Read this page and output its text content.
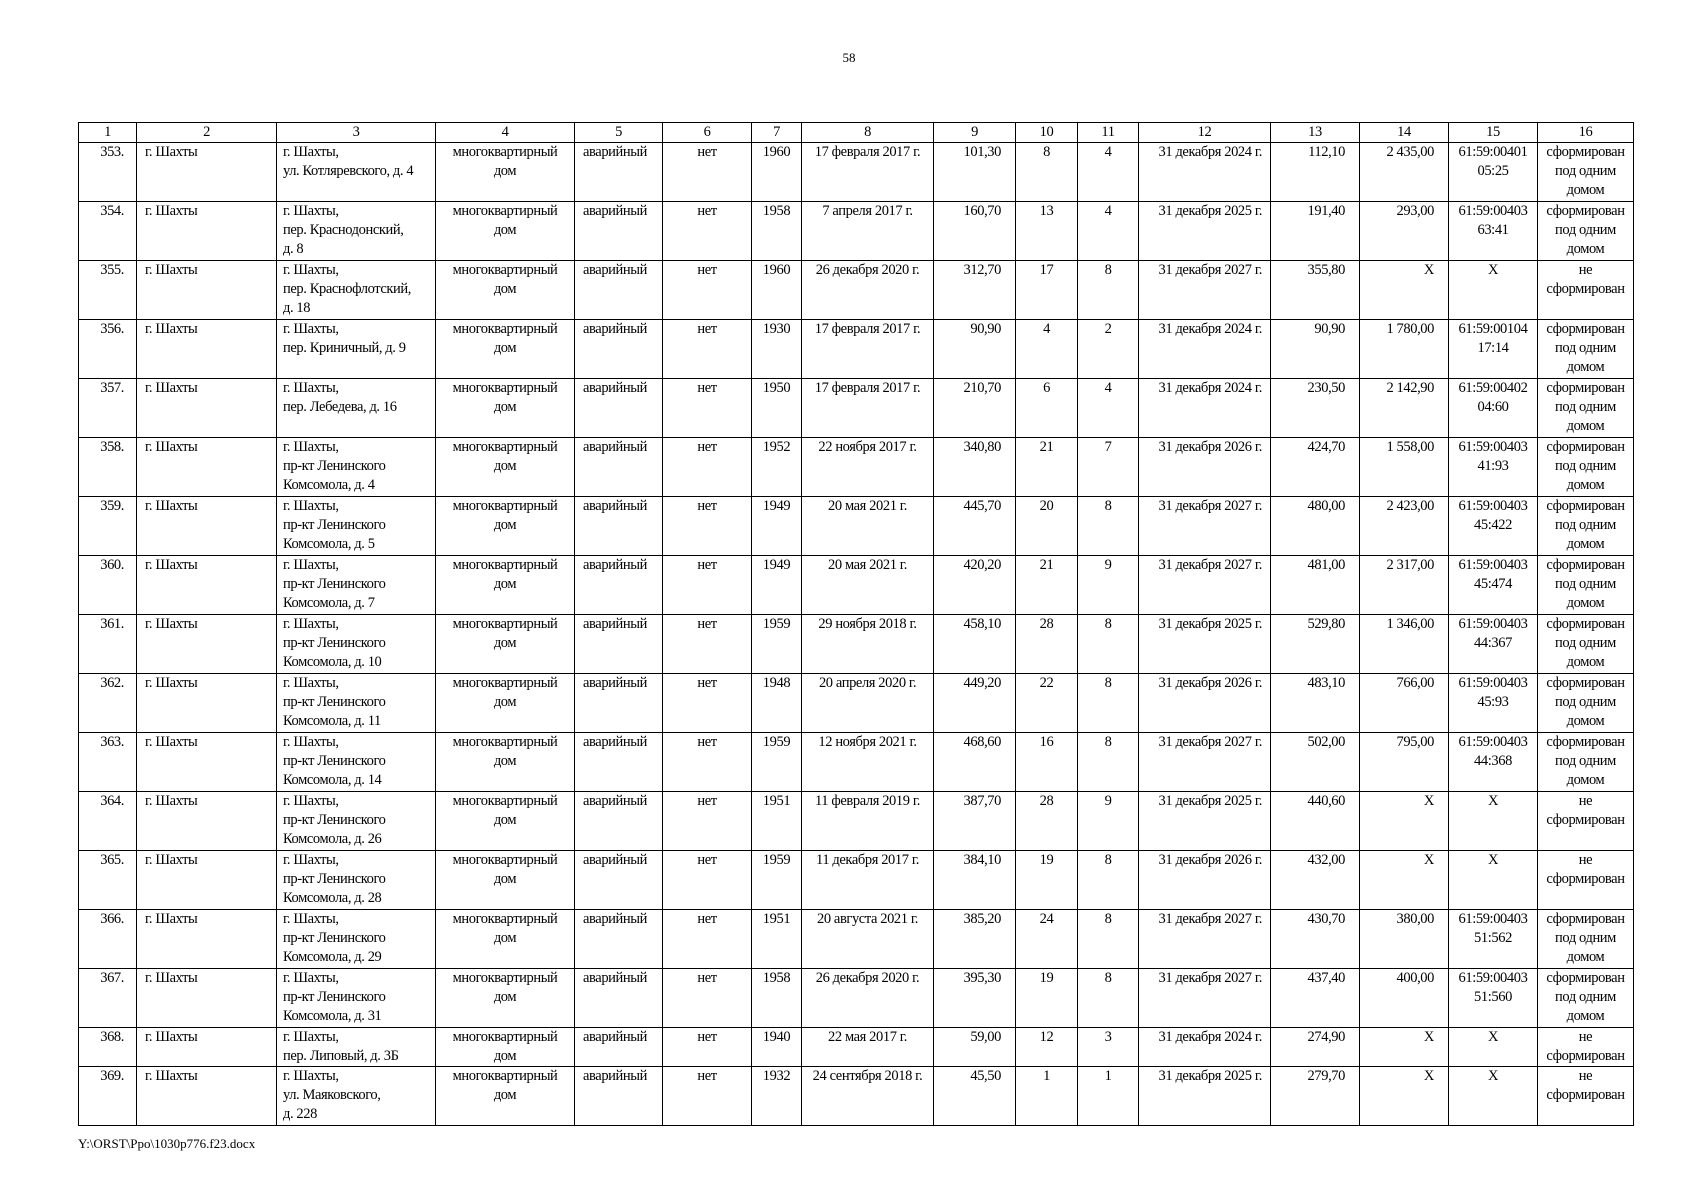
58
1	2	3	4	5	6	7	8	9	10	11	12	13	14	15	16
353.	г. Шахты	г. Шахты,
ул. Котляревского, д. 4	многоквартирный
дом	аварийный	нет	1960	17 февраля 2017 г.	101,30	8	4	31 декабря 2024 г.	112,10	2 435,00	61:59:00401
05:25	сформирован
под одним
домом

354.	г. Шахты	г. Шахты,
пер. Краснодонский,
д. 8	многоквартирный
дом	аварийный	нет	1958	7 апреля 2017 г.	160,70	13	4	31 декабря 2025 г.	191,40	293,00	61:59:00403
63:41	сформирован
под одним
домом

355.	г. Шахты	г. Шахты,
пер. Краснофлотский,
д. 18	многоквартирный
дом	аварийный	нет	1960	26 декабря 2020 г.	312,70	17	8	31 декабря 2027 г.	355,80	X	X	не
сформирован

356.	г. Шахты	г. Шахты,
пер. Криничный, д. 9	многоквартирный
дом	аварийный	нет	1930	17 февраля 2017 г.	90,90	4	2	31 декабря 2024 г.	90,90	1 780,00	61:59:00104
17:14	сформирован
под одним
домом

357.	г. Шахты	г. Шахты,
пер. Лебедева, д. 16	многоквартирный
дом	аварийный	нет	1950	17 февраля 2017 г.	210,70	6	4	31 декабря 2024 г.	230,50	2 142,90	61:59:00402
04:60	сформирован
под одним
домом

358.	г. Шахты	г. Шахты,
пр-кт Ленинского
Комсомола, д. 4	многоквартирный
дом	аварийный	нет	1952	22 ноября 2017 г.	340,80	21	7	31 декабря 2026 г.	424,70	1 558,00	61:59:00403
41:93	сформирован
под одним
домом

359.	г. Шахты	г. Шахты,
пр-кт Ленинского
Комсомола, д. 5	многоквартирный
дом	аварийный	нет	1949	20 мая 2021 г.	445,70	20	8	31 декабря 2027 г.	480,00	2 423,00	61:59:00403
45:422	сформирован
под одним
домом

360.	г. Шахты	г. Шахты,
пр-кт Ленинского
Комсомола, д. 7	многоквартирный
дом	аварийный	нет	1949	20 мая 2021 г.	420,20	21	9	31 декабря 2027 г.	481,00	2 317,00	61:59:00403
45:474	сформирован
под одним
домом

361.	г. Шахты	г. Шахты,
пр-кт Ленинского
Комсомола, д. 10	многоквартирный
дом	аварийный	нет	1959	29 ноября 2018 г.	458,10	28	8	31 декабря 2025 г.	529,80	1 346,00	61:59:00403
44:367	сформирован
под одним
домом

362.	г. Шахты	г. Шахты,
пр-кт Ленинского
Комсомола, д. 11	многоквартирный
дом	аварийный	нет	1948	20 апреля 2020 г.	449,20	22	8	31 декабря 2026 г.	483,10	766,00	61:59:00403
45:93	сформирован
под одним
домом

363.	г. Шахты	г. Шахты,
пр-кт Ленинского
Комсомола, д. 14	многоквартирный
дом	аварийный	нет	1959	12 ноября 2021 г.	468,60	16	8	31 декабря 2027 г.	502,00	795,00	61:59:00403
44:368	сформирован
под одним
домом

364.	г. Шахты	г. Шахты,
пр-кт Ленинского
Комсомола, д. 26	многоквартирный
дом	аварийный	нет	1951	11 февраля 2019 г.	387,70	28	9	31 декабря 2025 г.	440,60	X	X	не
сформирован

365.	г. Шахты	г. Шахты,
пр-кт Ленинского
Комсомола, д. 28	многоквартирный
дом	аварийный	нет	1959	11 декабря 2017 г.	384,10	19	8	31 декабря 2026 г.	432,00	X	X	не
сформирован

366.	г. Шахты	г. Шахты,
пр-кт Ленинского
Комсомола, д. 29	многоквартирный
дом	аварийный	нет	1951	20 августа 2021 г.	385,20	24	8	31 декабря 2027 г.	430,70	380,00	61:59:00403
51:562	сформирован
под одним
домом

367.	г. Шахты	г. Шахты,
пр-кт Ленинского
Комсомола, д. 31	многоквартирный
дом	аварийный	нет	1958	26 декабря 2020 г.	395,30	19	8	31 декабря 2027 г.	437,40	400,00	61:59:00403
51:560	сформирован
под одним
домом

368.	г. Шахты	г. Шахты,
пер. Липовый, д. 3Б	многоквартирный
дом	аварийный	нет	1940	22 мая 2017 г.	59,00	12	3	31 декабря 2024 г.	274,90	X	X	не
сформирован

369.	г. Шахты	г. Шахты,
ул. Маяковского,
д. 228	многоквартирный
дом	аварийный	нет	1932	24 сентября 2018 г.	45,50	1	1	31 декабря 2025 г.	279,70	X	X	не
сформирован
Y:\ORST\Ppo\1030p776.f23.docx
